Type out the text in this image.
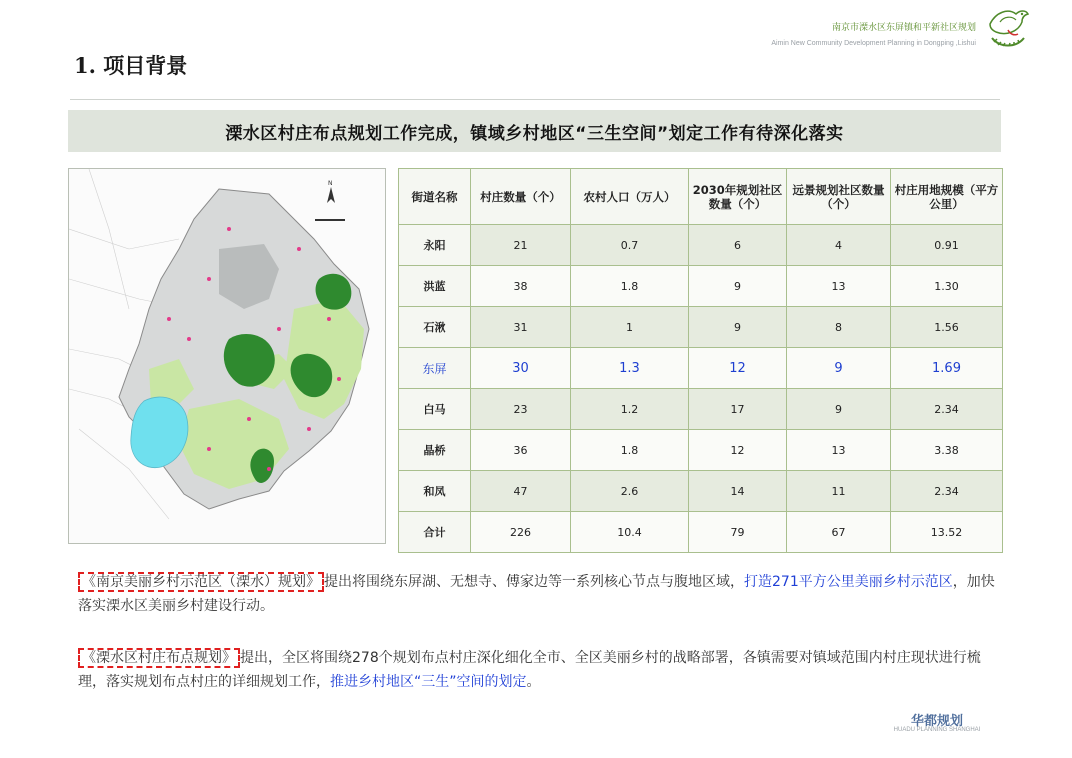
南京市溧水区东屏镇和平新社区规划
Aimin New Community Development Planning in Dongping ,Lishui
1. 项目背景
溧水区村庄布点规划工作完成，镇域乡村地区“三生空间”划定工作有待深化落实
N
街道名称	村庄数量（个）	农村人口（万人）	2030年规划社区数量（个）	远景规划社区数量（个）	村庄用地规模（平方公里）
永阳	21	0.7	6	4	0.91
洪蓝	38	1.8	9	13	1.30
石湫	31	1	9	8	1.56
东屏	30	1.3	12	9	1.69
白马	23	1.2	17	9	2.34
晶桥	36	1.8	12	13	3.38
和凤	47	2.6	14	11	2.34
合计	226	10.4	79	67	13.52
《南京美丽乡村示范区（溧水）规划》 提出将围绕东屏湖、无想寺、傅家边等一系列核心节点与腹地区域，打造271平方公里美丽乡村示范区，加快落实溧水区美丽乡村建设行动。
《溧水区村庄布点规划》 提出，全区将围绕278个规划布点村庄深化细化全市、全区美丽乡村的战略部署，各镇需要对镇域范围内村庄现状进行梳理，落实规划布点村庄的详细规划工作，推进乡村地区“三生”空间的划定。
华都规划
HUADU PLANNING SHANGHAI
